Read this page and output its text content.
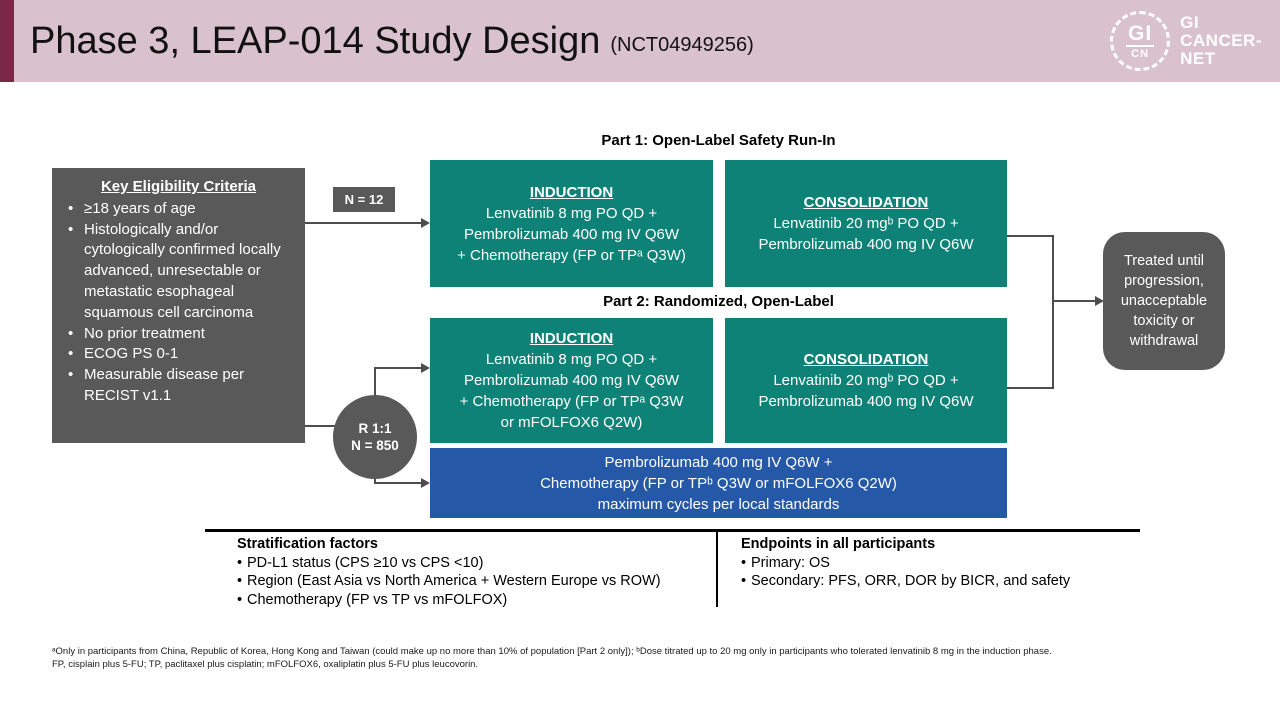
Phase 3, LEAP-014 Study Design (NCT04949256)	GI
CN
GI
CANCER-
NET
Key Eligibility Criteria
• ≥18 years of age
• Histologically and/or cytologically confirmed locally advanced, unresectable or metastatic esophageal squamous cell carcinoma
• No prior treatment
• ECOG PS 0-1
• Measurable disease per RECIST v1.1
N = 12
Part 1: Open-Label Safety Run-In
INDUCTION
Lenvatinib 8 mg PO QD +
Pembrolizumab 400 mg IV Q6W
+ Chemotherapy (FP or TPᵃ Q3W)
CONSOLIDATION
Lenvatinib 20 mgᵇ PO QD +
Pembrolizumab 400 mg IV Q6W
Part 2: Randomized, Open-Label
INDUCTION
Lenvatinib 8 mg PO QD +
Pembrolizumab 400 mg IV Q6W
+ Chemotherapy (FP or TPᵃ Q3W
or mFOLFOX6 Q2W)
CONSOLIDATION
Lenvatinib 20 mgᵇ PO QD +
Pembrolizumab 400 mg IV Q6W
Pembrolizumab 400 mg IV Q6W +
Chemotherapy (FP or TPᵇ Q3W or mFOLFOX6 Q2W)
maximum cycles per local standards
R 1:1
N = 850
Treated until progression, unacceptable toxicity or withdrawal
Stratification factors
• PD-L1 status (CPS ≥10 vs CPS <10)
• Region (East Asia vs North America + Western Europe vs ROW)
• Chemotherapy (FP vs TP vs mFOLFOX)
Endpoints in all participants
• Primary: OS
• Secondary: PFS, ORR, DOR by BICR, and safety

ᵃOnly in participants from China, Republic of Korea, Hong Kong and Taiwan (could make up no more than 10% of population [Part 2 only]); ᵇDose titrated up to 20 mg only in participants who tolerated lenvatinib 8 mg in the induction phase.

FP, cisplain plus 5-FU; TP, paclitaxel plus cisplatin; mFOLFOX6, oxaliplatin plus 5-FU plus leucovorin.
